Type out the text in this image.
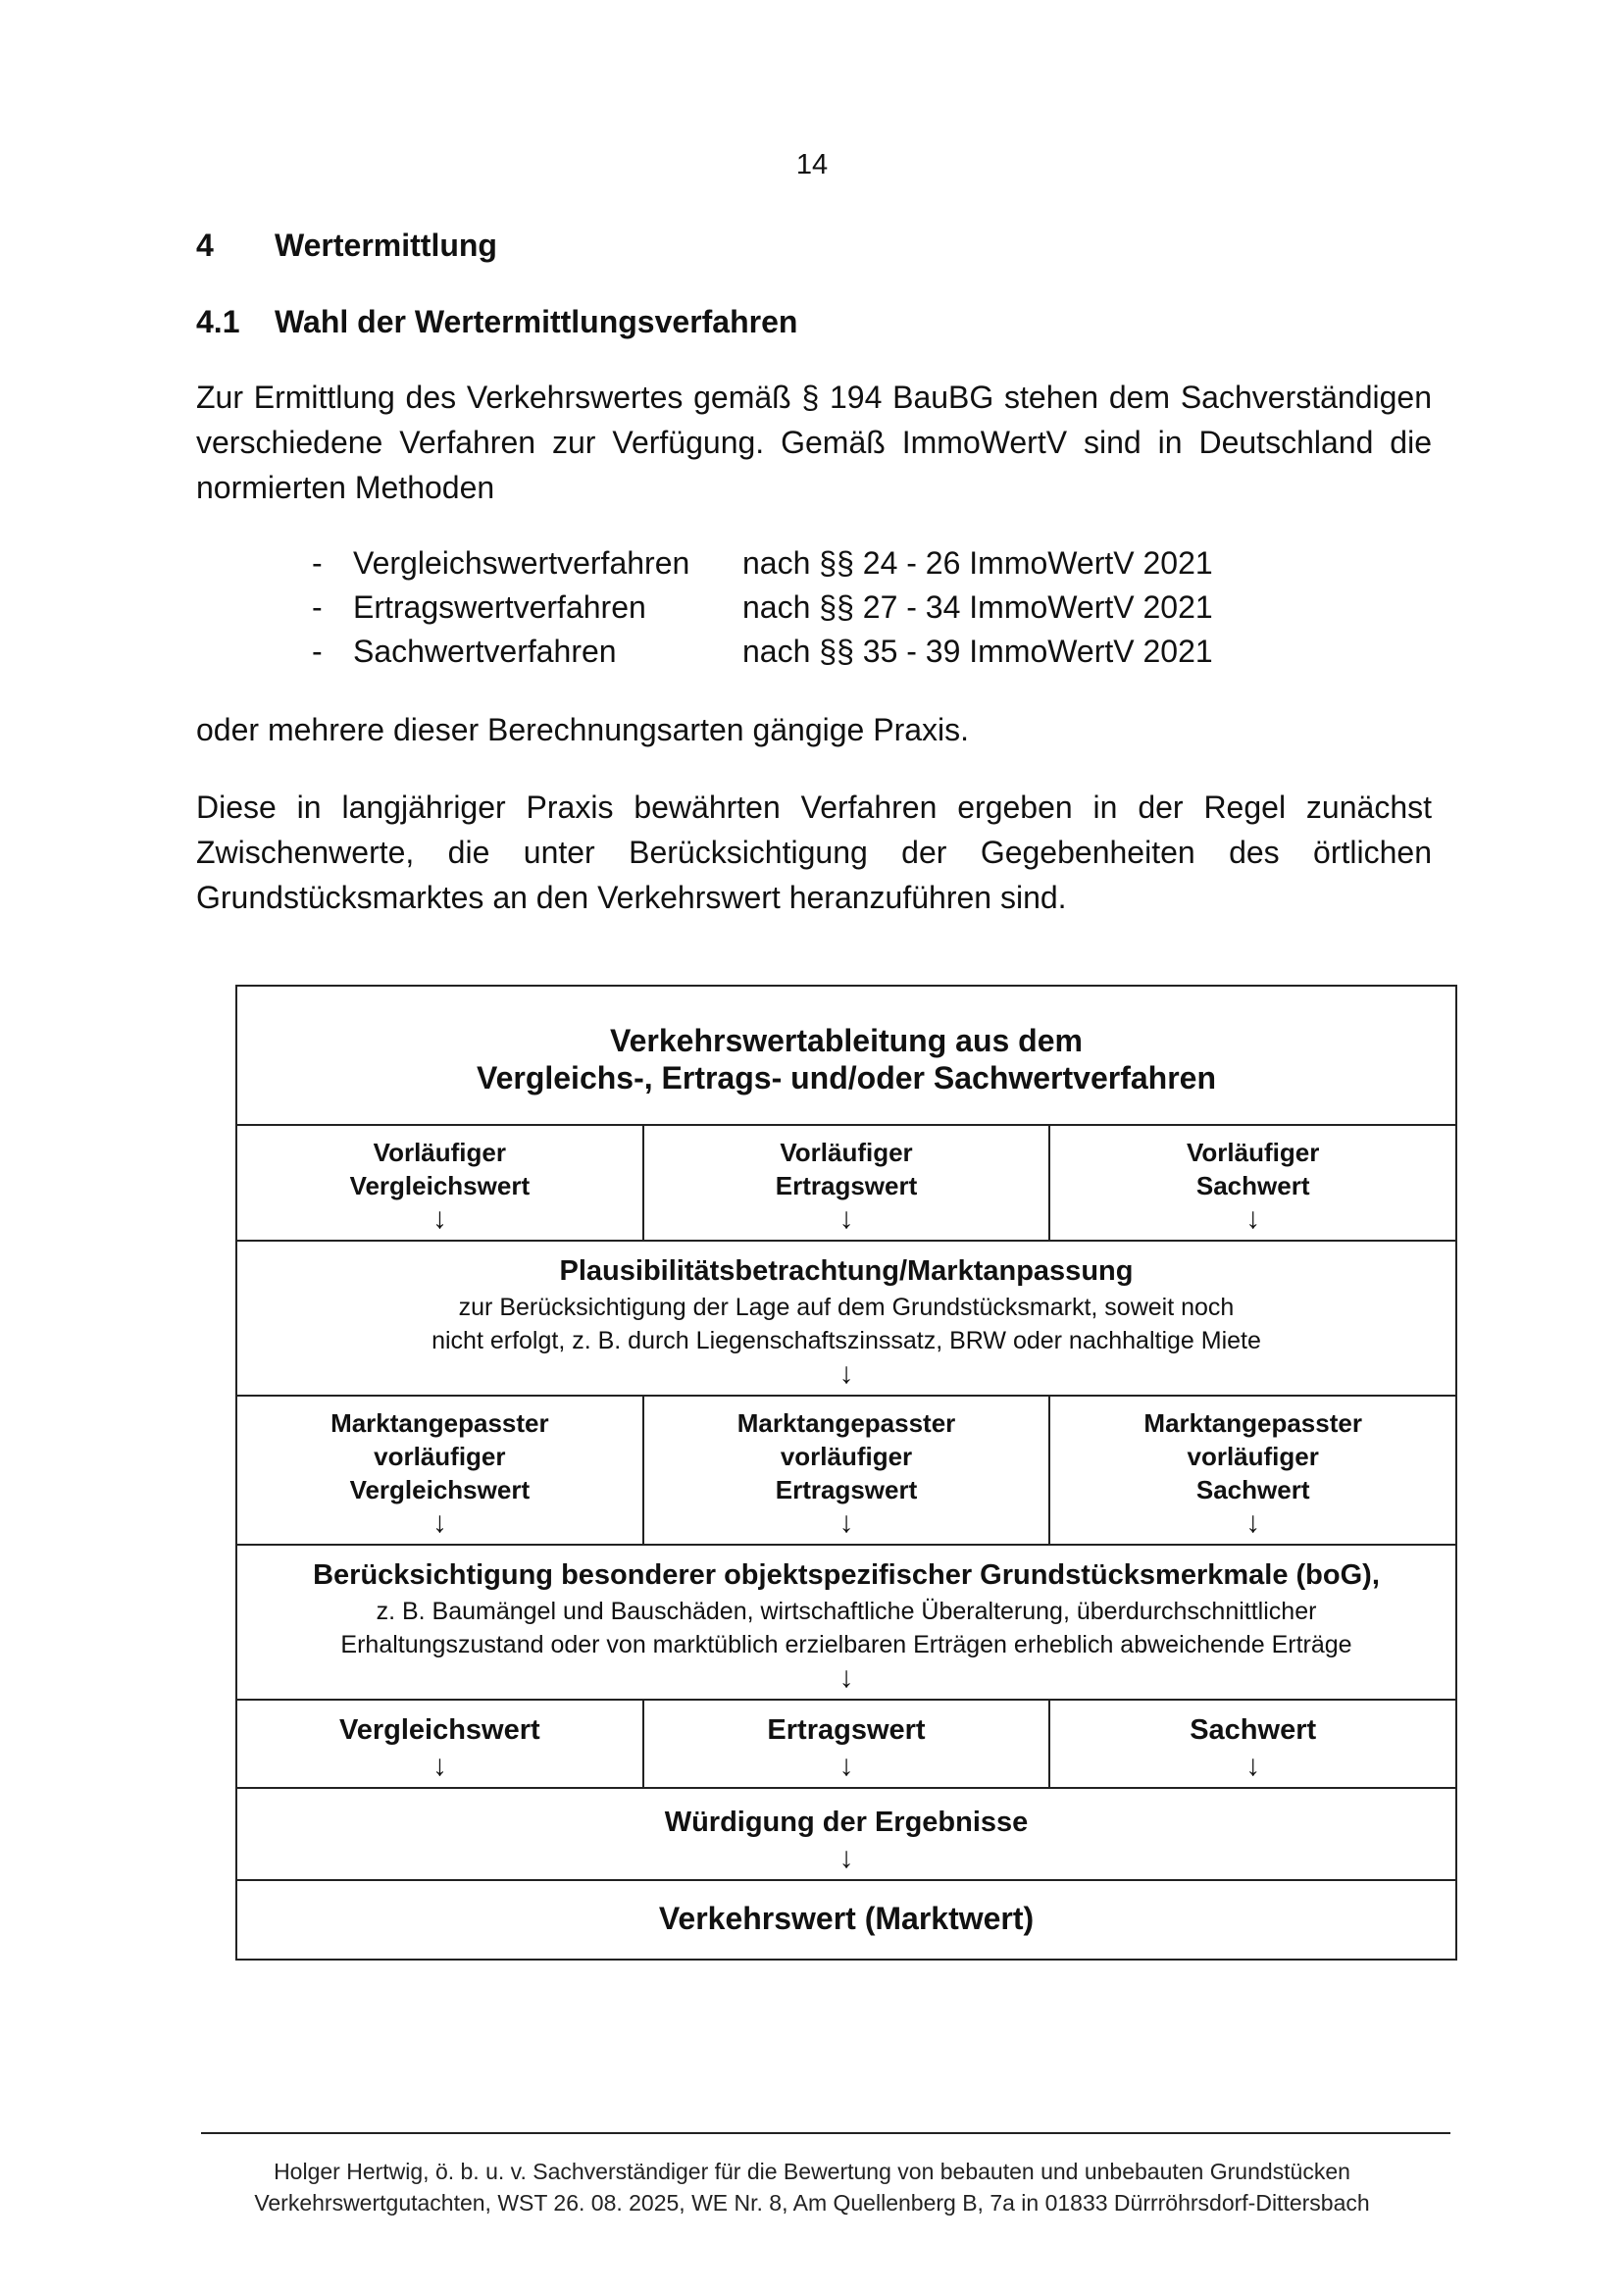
14
4 Wertermittlung
4.1 Wahl der Wertermittlungsverfahren
Zur Ermittlung des Verkehrswertes gemäß § 194 BauBG stehen dem Sachverständigen verschiedene Verfahren zur Verfügung. Gemäß ImmoWertV sind in Deutschland die normierten Methoden
- Vergleichswertverfahren nach §§ 24 - 26 ImmoWertV 2021
- Ertragswertverfahren	nach §§ 27 - 34 ImmoWertV 2021
- Sachwertverfahren	nach §§ 35 - 39 ImmoWertV 2021
oder mehrere dieser Berechnungsarten gängige Praxis.
Diese in langjähriger Praxis bewährten Verfahren ergeben in der Regel zunächst Zwischenwerte, die unter Berücksichtigung der Gegebenheiten des örtlichen Grundstücksmarktes an den Verkehrswert heranzuführen sind.
Verkehrswertableitung aus dem
Vergleichs-, Ertrags- und/oder Sachwertverfahren
Vorläufiger
Vergleichswert
↓
Vorläufiger
Ertragswert
↓
Vorläufiger
Sachwert
↓
Plausibilitätsbetrachtung/Marktanpassung
zur Berücksichtigung der Lage auf dem Grundstücksmarkt, soweit noch
nicht erfolgt, z. B. durch Liegenschaftszinssatz, BRW oder nachhaltige Miete
↓
Marktangepasster
vorläufiger
Vergleichswert
↓
Marktangepasster
vorläufiger
Ertragswert
↓
Marktangepasster
vorläufiger
Sachwert
↓
Berücksichtigung besonderer objektspezifischer Grundstücksmerkmale (boG),
z. B. Baumängel und Bauschäden, wirtschaftliche Überalterung, überdurchschnittlicher
Erhaltungszustand oder von marktüblich erzielbaren Erträgen erheblich abweichende Erträge
↓
Vergleichswert
↓
Ertragswert
↓
Sachwert
↓
Würdigung der Ergebnisse
↓
Verkehrswert (Marktwert)
Holger Hertwig, ö. b. u. v. Sachverständiger für die Bewertung von bebauten und unbebauten Grundstücken
Verkehrswertgutachten, WST 26. 08. 2025, WE Nr. 8, Am Quellenberg B, 7a in 01833 Dürrröhrsdorf-Dittersbach
